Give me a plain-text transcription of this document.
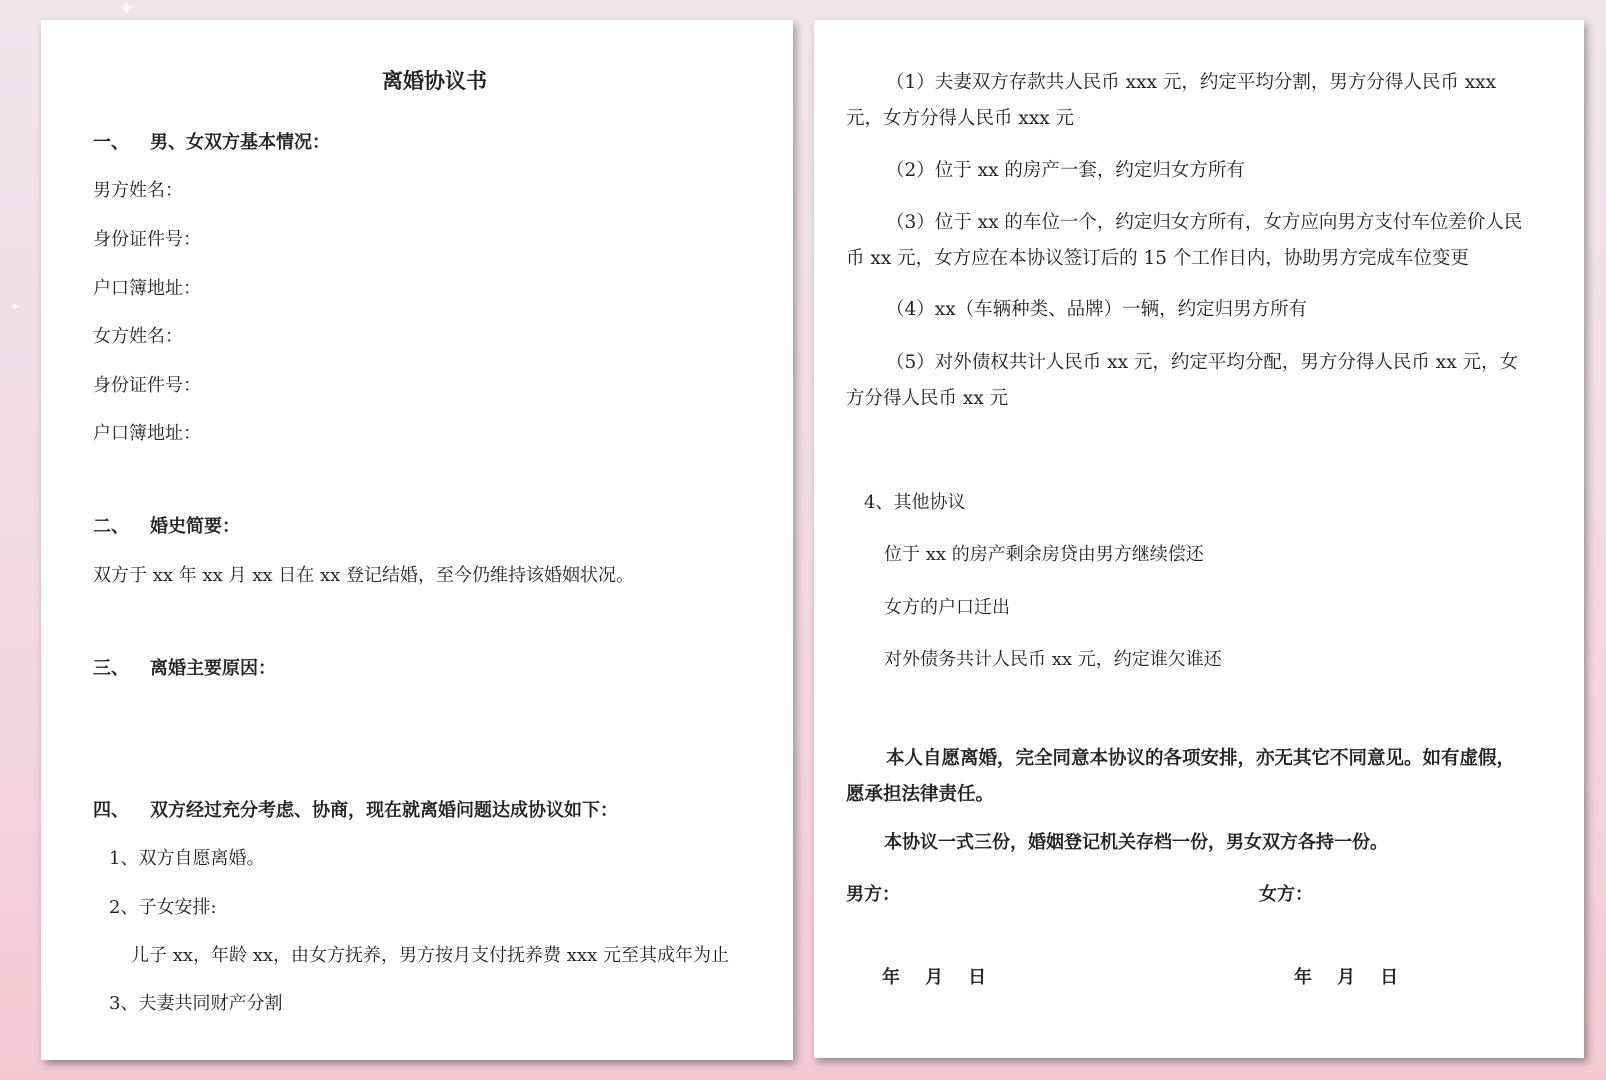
✦
✦
离婚协议书
一、 男、女双方基本情况：
男方姓名：
身份证件号：
户口簿地址：
女方姓名：
身份证件号：
户口簿地址：
二、 婚史简要：
双方于 xx 年 xx 月 xx 日在 xx 登记结婚，至今仍维持该婚姻状况。
三、 离婚主要原因：
四、 双方经过充分考虑、协商，现在就离婚问题达成协议如下：
1、双方自愿离婚。
2、子女安排:
儿子 xx，年龄 xx，由女方抚养，男方按月支付抚养费 xxx 元至其成年为止
3、夫妻共同财产分割
（1）夫妻双方存款共人民币 xxx 元，约定平均分割，男方分得人民币 xxx 元，女方分得人民币 xxx 元
（2）位于 xx 的房产一套，约定归女方所有
（3）位于 xx 的车位一个，约定归女方所有，女方应向男方支付车位差价人民币 xx 元，女方应在本协议签订后的 15 个工作日内，协助男方完成车位变更
（4）xx（车辆种类、品牌）一辆，约定归男方所有
（5）对外债权共计人民币 xx 元，约定平均分配，男方分得人民币 xx 元，女方分得人民币 xx 元
4、其他协议
位于 xx 的房产剩余房贷由男方继续偿还
女方的户口迁出
对外债务共计人民币 xx 元，约定谁欠谁还
本人自愿离婚，完全同意本协议的各项安排，亦无其它不同意见。如有虚假，愿承担法律责任。
本协议一式三份，婚姻登记机关存档一份，男女双方各持一份。
男方：	女方：
年    月    日	年    月    日
